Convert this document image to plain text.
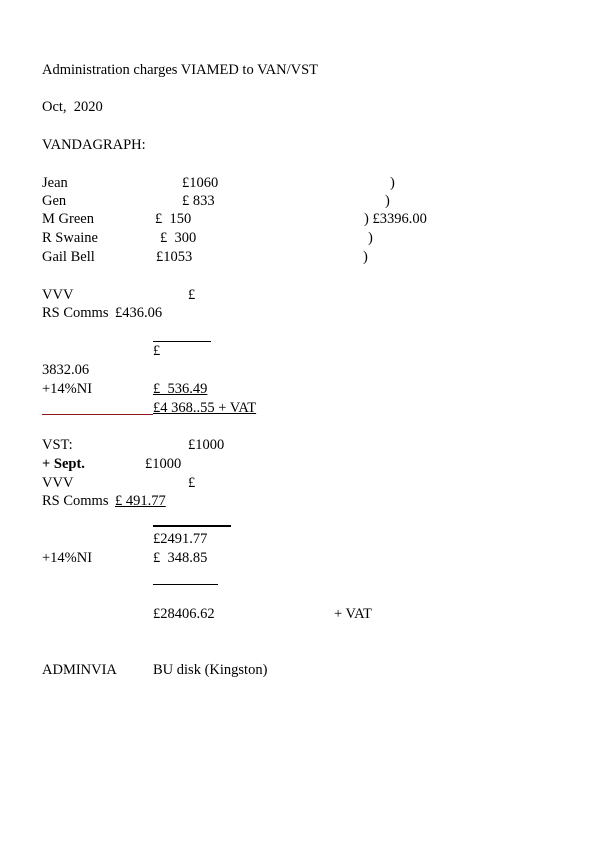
Administration charges VIAMED to VAN/VST
Oct,  2020
VANDAGRAPH:
Jean	£1060	)
Gen	£ 833	)
M Green	£  150	) £3396.00
R Swaine	£  300	)
Gail Bell	£1053	)
VVV	£
RS Comms £436.06
£
3832.06
+14%NI	£  536.49
£4 368..55 + VAT
VST:	£1000
+ Sept.	£1000
VVV	£
RS Comms £ 491.77
£2491.77
+14%NI	£  348.85
£28406.62	+ VAT
ADMINVIA BU disk (Kingston)
